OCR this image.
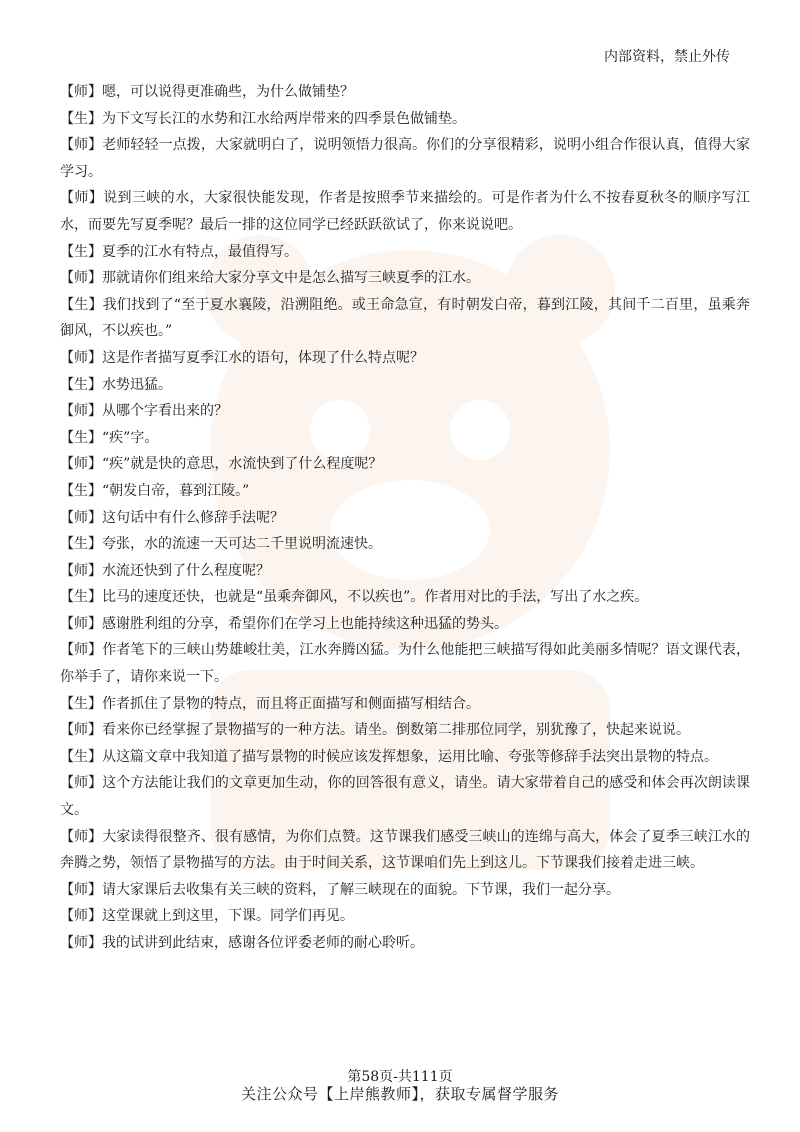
内部资料，禁止外传

【师】嗯，可以说得更准确些，为什么做铺垫？

【生】为下文写长江的水势和江水给两岸带来的四季景色做铺垫。

【师】老师轻轻一点拨，大家就明白了，说明领悟力很高。你们的分享很精彩，说明小组合作很认真，值得大家学习。

【师】说到三峡的水，大家很快能发现，作者是按照季节来描绘的。可是作者为什么不按春夏秋冬的顺序写江水，而要先写夏季呢？最后一排的这位同学已经跃跃欲试了，你来说说吧。

【生】夏季的江水有特点，最值得写。

【师】那就请你们组来给大家分享文中是怎么描写三峡夏季的江水。

【生】我们找到了“至于夏水襄陵，沿溯阻绝。或王命急宣，有时朝发白帝，暮到江陵，其间千二百里，虽乘奔御风，不以疾也。”

【师】这是作者描写夏季江水的语句，体现了什么特点呢？

【生】水势迅猛。

【师】从哪个字看出来的？

【生】“疾”字。

【师】“疾”就是快的意思，水流快到了什么程度呢？

【生】“朝发白帝，暮到江陵。”

【师】这句话中有什么修辞手法呢？

【生】夸张，水的流速一天可达二千里说明流速快。

【师】水流还快到了什么程度呢？

【生】比马的速度还快，也就是“虽乘奔御风，不以疾也”。作者用对比的手法，写出了水之疾。

【师】感谢胜利组的分享，希望你们在学习上也能持续这种迅猛的势头。

【师】作者笔下的三峡山势雄峻壮美，江水奔腾凶猛。为什么他能把三峡描写得如此美丽多情呢？语文课代表，你举手了，请你来说一下。

【生】作者抓住了景物的特点，而且将正面描写和侧面描写相结合。

【师】看来你已经掌握了景物描写的一种方法。请坐。倒数第二排那位同学，别犹豫了，快起来说说。

【生】从这篇文章中我知道了描写景物的时候应该发挥想象，运用比喻、夸张等修辞手法突出景物的特点。

【师】这个方法能让我们的文章更加生动，你的回答很有意义，请坐。请大家带着自己的感受和体会再次朗读课文。

【师】大家读得很整齐、很有感情，为你们点赞。这节课我们感受三峡山的连绵与高大，体会了夏季三峡江水的奔腾之势，领悟了景物描写的方法。由于时间关系，这节课咱们先上到这儿。下节课我们接着走进三峡。

【师】请大家课后去收集有关三峡的资料，了解三峡现在的面貌。下节课，我们一起分享。

【师】这堂课就上到这里，下课。同学们再见。

【师】我的试讲到此结束，感谢各位评委老师的耐心聆听。

第58页-共111页
关注公众号【上岸熊教师】，获取专属督学服务
